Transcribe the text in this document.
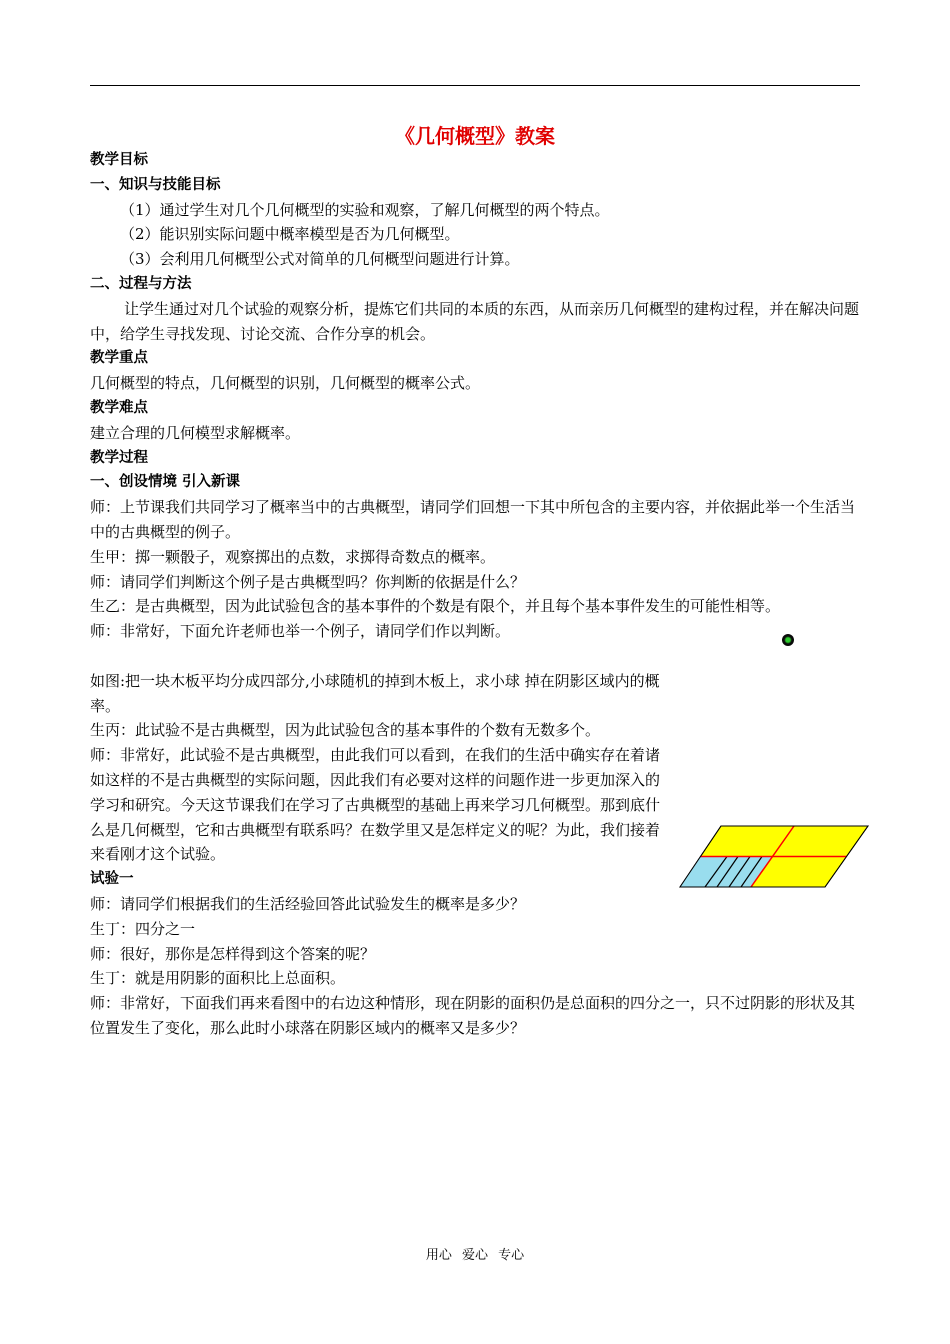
《几何概型》教案

教学目标

一、知识与技能目标

（1）通过学生对几个几何概型的实验和观察，了解几何概型的两个特点。

（2）能识别实际问题中概率模型是否为几何概型。

（3）会利用几何概型公式对简单的几何概型问题进行计算。

二、过程与方法

让学生通过对几个试验的观察分析，提炼它们共同的本质的东西，从而亲历几何概型的建构过程，并在解决问题中，给学生寻找发现、讨论交流、合作分享的机会。

教学重点

几何概型的特点，几何概型的识别，几何概型的概率公式。

教学难点

建立合理的几何模型求解概率。

教学过程

一、创设情境 引入新课

师：上节课我们共同学习了概率当中的古典概型，请同学们回想一下其中所包含的主要内容，并依据此举一个生活当中的古典概型的例子。

生甲：掷一颗骰子，观察掷出的点数，求掷得奇数点的概率。

师：请同学们判断这个例子是古典概型吗？你判断的依据是什么？

生乙：是古典概型，因为此试验包含的基本事件的个数是有限个，并且每个基本事件发生的可能性相等。

师：非常好，下面允许老师也举一个例子，请同学们作以判断。

如图:把一块木板平均分成四部分,小球随机的掉到木板上，求小球 掉在阴影区域内的概率。

生丙：此试验不是古典概型，因为此试验包含的基本事件的个数有无数多个。

师：非常好，此试验不是古典概型，由此我们可以看到，在我们的生活中确实存在着诸如这样的不是古典概型的实际问题，因此我们有必要对这样的问题作进一步更加深入的学习和研究。今天这节课我们在学习了古典概型的基础上再来学习几何概型。那到底什么是几何概型，它和古典概型有联系吗？在数学里又是怎样定义的呢？为此，我们接着来看刚才这个试验。

试验一

师：请同学们根据我们的生活经验回答此试验发生的概率是多少？

生丁：四分之一

师：很好，那你是怎样得到这个答案的呢？

生丁：就是用阴影的面积比上总面积。

师：非常好，下面我们再来看图中的右边这种情形，现在阴影的面积仍是总面积的四分之一，只不过阴影的形状及其位置发生了变化，那么此时小球落在阴影区域内的概率又是多少？

用心 爱心 专心
